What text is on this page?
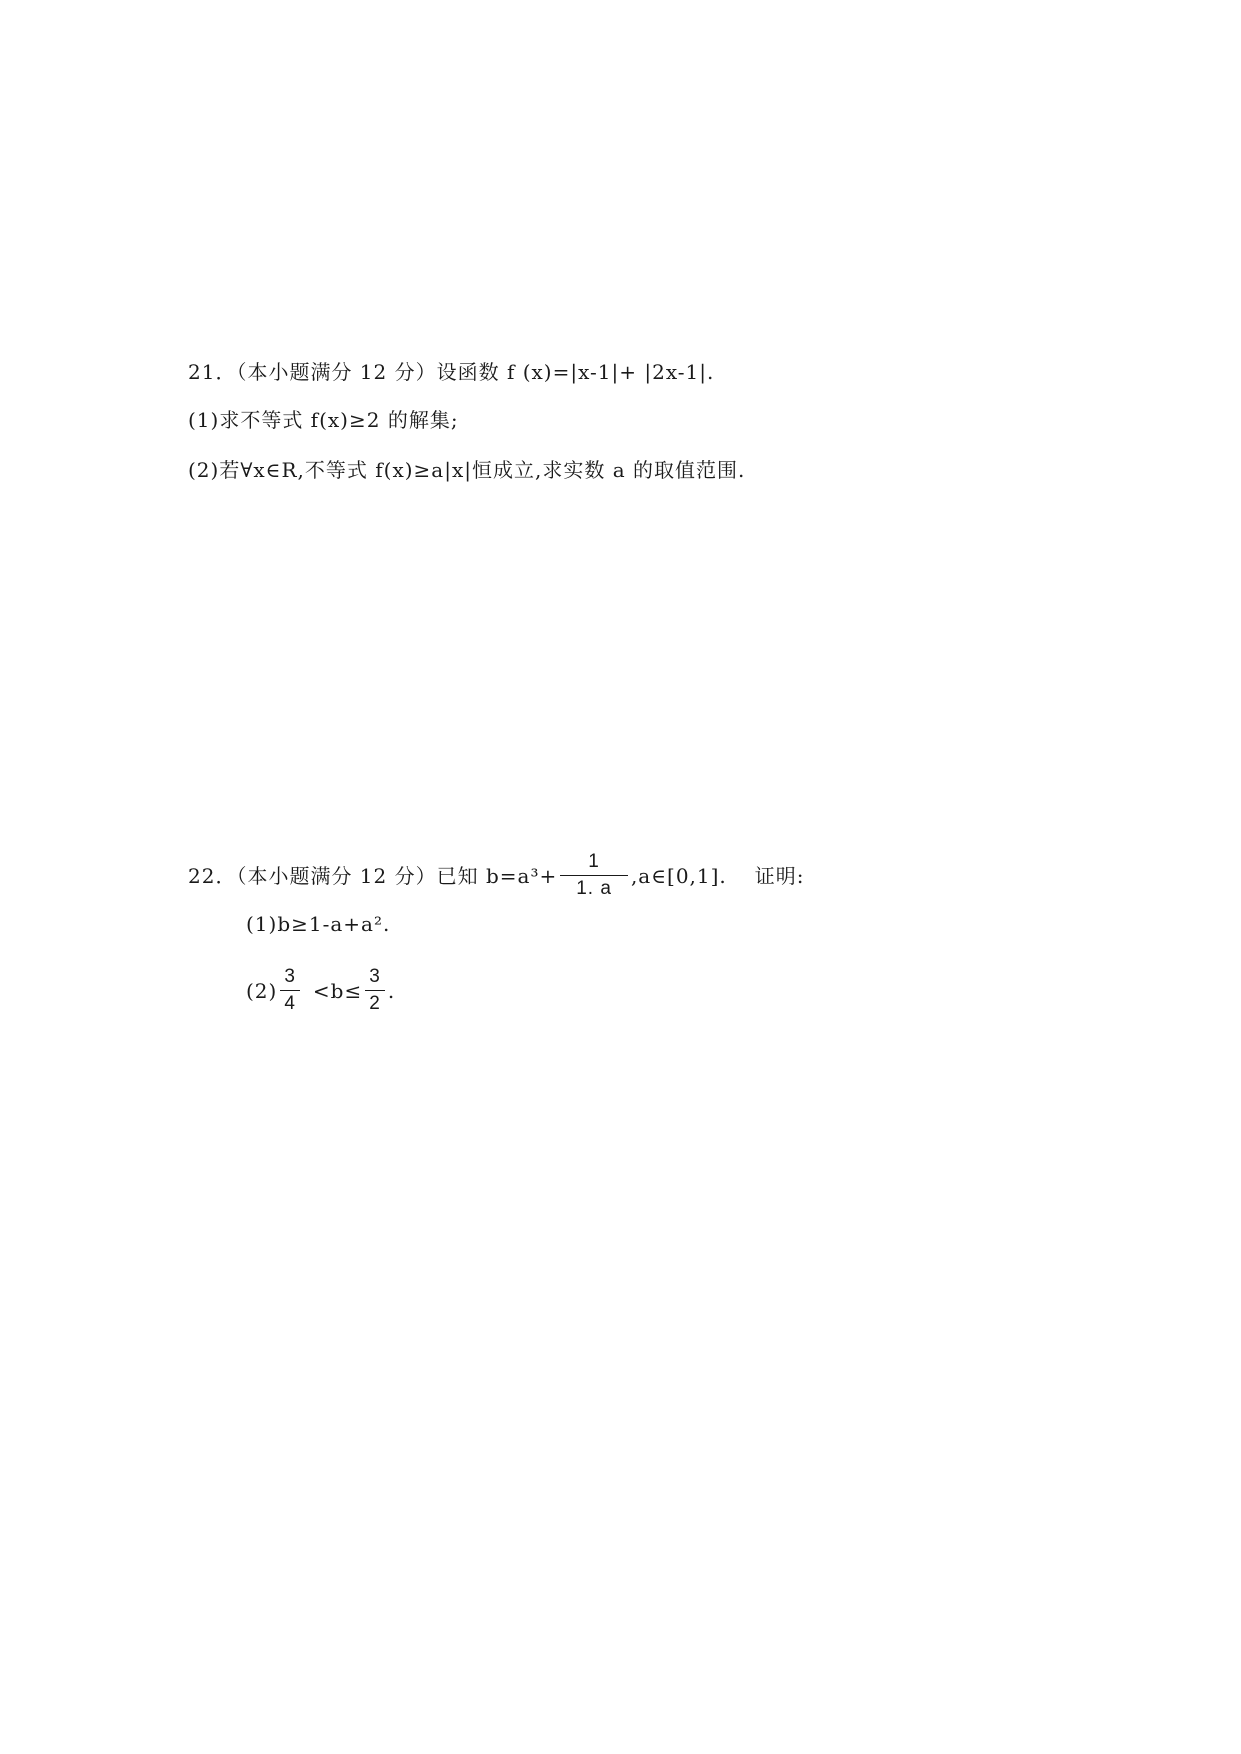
21．（本小题满分 12 分）设函数 f (x)=|x-1|+ |2x-1|.
(1)求不等式 f(x)≥2 的解集;
(2)若∀x∈R,不等式 f(x)≥a|x|恒成立,求实数 a 的取值范围.
22．（本小题满分 12 分）已知 $b=a^3+ \frac{1}{1. a}$ ,a∈[0,1]. 证明:
(1)b≥1-a+a².
$(2) \frac{3}{4} <b\le \frac{3}{2}$ .
